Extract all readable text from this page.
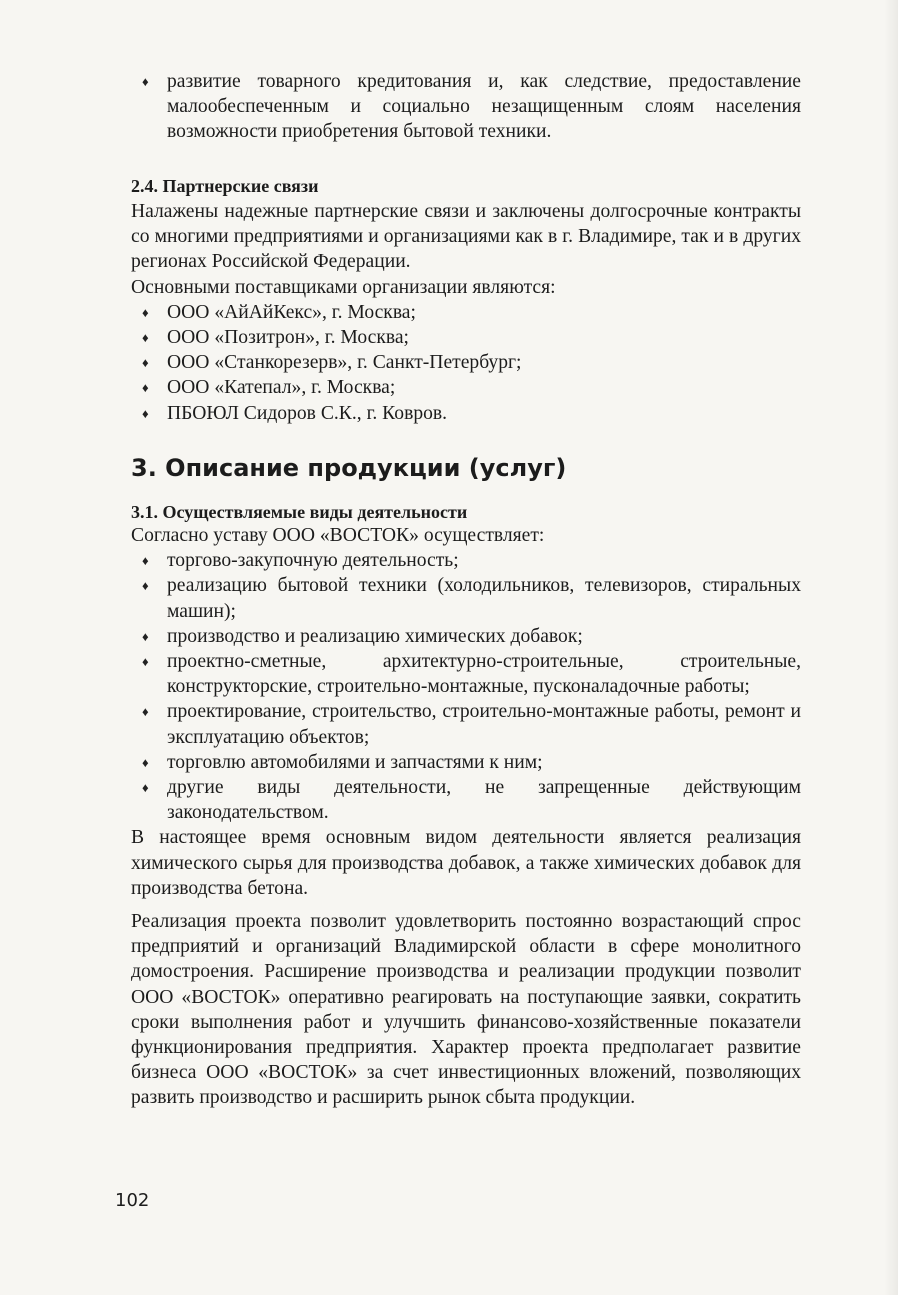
♦ развитие товарного кредитования и, как следствие, предоставление малообеспеченным и социально незащищенным слоям населения возможности приобретения бытовой техники.
2.4. Партнерские связи

Налажены надежные партнерские связи и заключены долгосрочные контракты со многими предприятиями и организациями как в г. Владимире, так и в других регионах Российской Федерации.

Основными поставщиками организации являются:

♦ ООО «АйАйКекс», г. Москва;
♦ ООО «Позитрон», г. Москва;
♦ ООО «Станкорезерв», г. Санкт-Петербург;
♦ ООО «Катепал», г. Москва;
♦ ПБОЮЛ Сидоров С.К., г. Ковров.
3. Описание продукции (услуг)
3.1. Осуществляемые виды деятельности

Согласно уставу ООО «ВОСТОК» осуществляет:

♦ торгово-закупочную деятельность;
♦ реализацию бытовой техники (холодильников, телевизоров, стиральных машин);
♦ производство и реализацию химических добавок;
♦ проектно-сметные, архитектурно-строительные, строительные, конструкторские, строительно-монтажные, пусконаладочные работы;
♦ проектирование, строительство, строительно-монтажные работы, ремонт и эксплуатацию объектов;
♦ торговлю автомобилями и запчастями к ним;
♦ другие виды деятельности, не запрещенные действующим законодательством.

В настоящее время основным видом деятельности является реализация химического сырья для производства добавок, а также химических добавок для производства бетона.

Реализация проекта позволит удовлетворить постоянно возрастающий спрос предприятий и организаций Владимирской области в сфере монолитного домостроения. Расширение производства и реализации продукции позволит ООО «ВОСТОК» оперативно реагировать на поступающие заявки, сократить сроки выполнения работ и улучшить финансово-хозяйственные показатели функционирования предприятия. Характер проекта предполагает развитие бизнеса ООО «ВОСТОК» за счет инвестиционных вложений, позволяющих развить производство и расширить рынок сбыта продукции.

102
